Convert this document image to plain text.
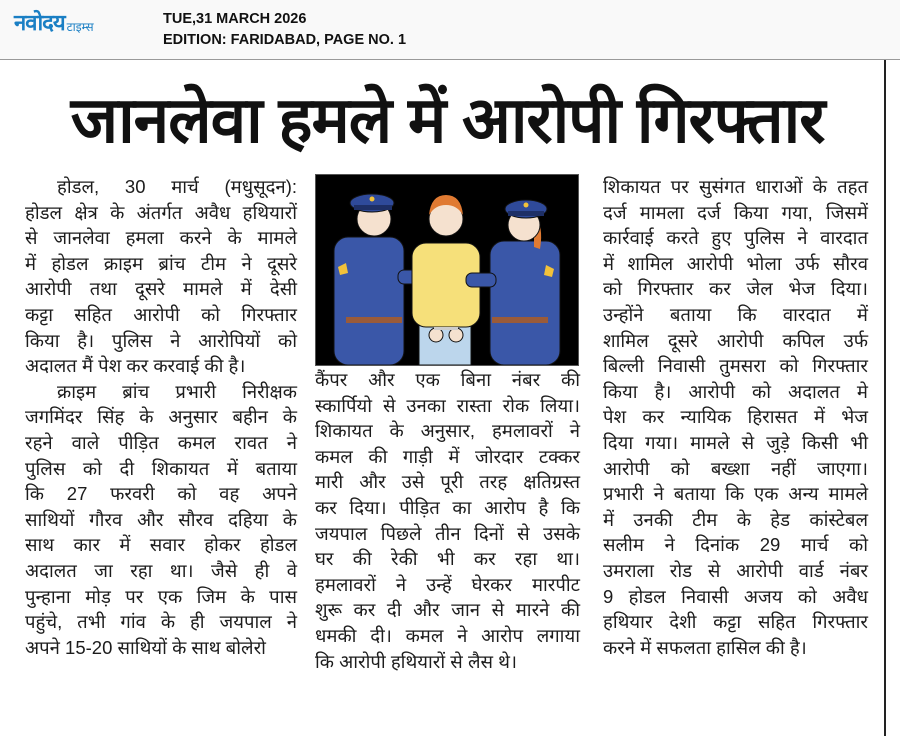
नवोदय टाइम्स	TUE,31 MARCH 2026
EDITION: FARIDABAD, PAGE NO. 1
जानलेवा हमले में आरोपी गिरफ्तार
होडल, 30 मार्च (मधुसूदन):
होडल क्षेत्र के अंतर्गत अवैध हथियारों
से जानलेवा हमला करने के मामले
में होडल क्राइम ब्रांच टीम ने दूसरे
आरोपी तथा दूसरे मामले में देसी
कट्टा सहित आरोपी को गिरफ्तार
किया है। पुलिस ने आरोपियों को
अदालत मैं पेश कर करवाई की है।
क्राइम ब्रांच प्रभारी निरीक्षक
जगमिंदर सिंह के अनुसार बहीन के
रहने वाले पीड़ित कमल रावत ने
पुलिस को दी शिकायत में बताया
कि 27 फरवरी को वह अपने
साथियों गौरव और सौरव दहिया के
साथ कार में सवार होकर होडल
अदालत जा रहा था। जैसे ही वे
पुन्हाना मोड़ पर एक जिम के पास
पहुंचे, तभी गांव के ही जयपाल ने
अपने 15-20 साथियों के साथ बोलेरो
कैंपर और एक बिना नंबर की
स्कार्पियो से उनका रास्ता रोक लिया।
शिकायत के अनुसार, हमलावरों ने
कमल की गाड़ी में जोरदार टक्कर
मारी और उसे पूरी तरह क्षतिग्रस्त
कर दिया। पीड़ित का आरोप है कि
जयपाल पिछले तीन दिनों से उसके
घर की रेकी भी कर रहा था।
हमलावरों ने उन्हें घेरकर मारपीट
शुरू कर दी और जान से मारने की
धमकी दी। कमल ने आरोप लगाया
कि आरोपी हथियारों से लैस थे।
शिकायत पर सुसंगत धाराओं के तहत
दर्ज मामला दर्ज किया गया, जिसमें
कार्रवाई करते हुए पुलिस ने वारदात
में शामिल आरोपी भोला उर्फ सौरव
को गिरफ्तार कर जेल भेज दिया।
उन्होंने बताया कि वारदात में
शामिल दूसरे आरोपी कपिल उर्फ
बिल्ली निवासी तुमसरा को गिरफ्तार
किया है। आरोपी को अदालत मे
पेश कर न्यायिक हिरासत में भेज
दिया गया। मामले से जुड़े किसी भी
आरोपी को बख्शा नहीं जाएगा।
प्रभारी ने बताया कि एक अन्य मामले
में उनकी टीम के हेड कांस्टेबल
सलीम ने दिनांक 29 मार्च को
उमराला रोड से आरोपी वार्ड नंबर
9 होडल निवासी अजय को अवैध
हथियार देशी कट्टा सहित गिरफ्तार
करने में सफलता हासिल की है।
